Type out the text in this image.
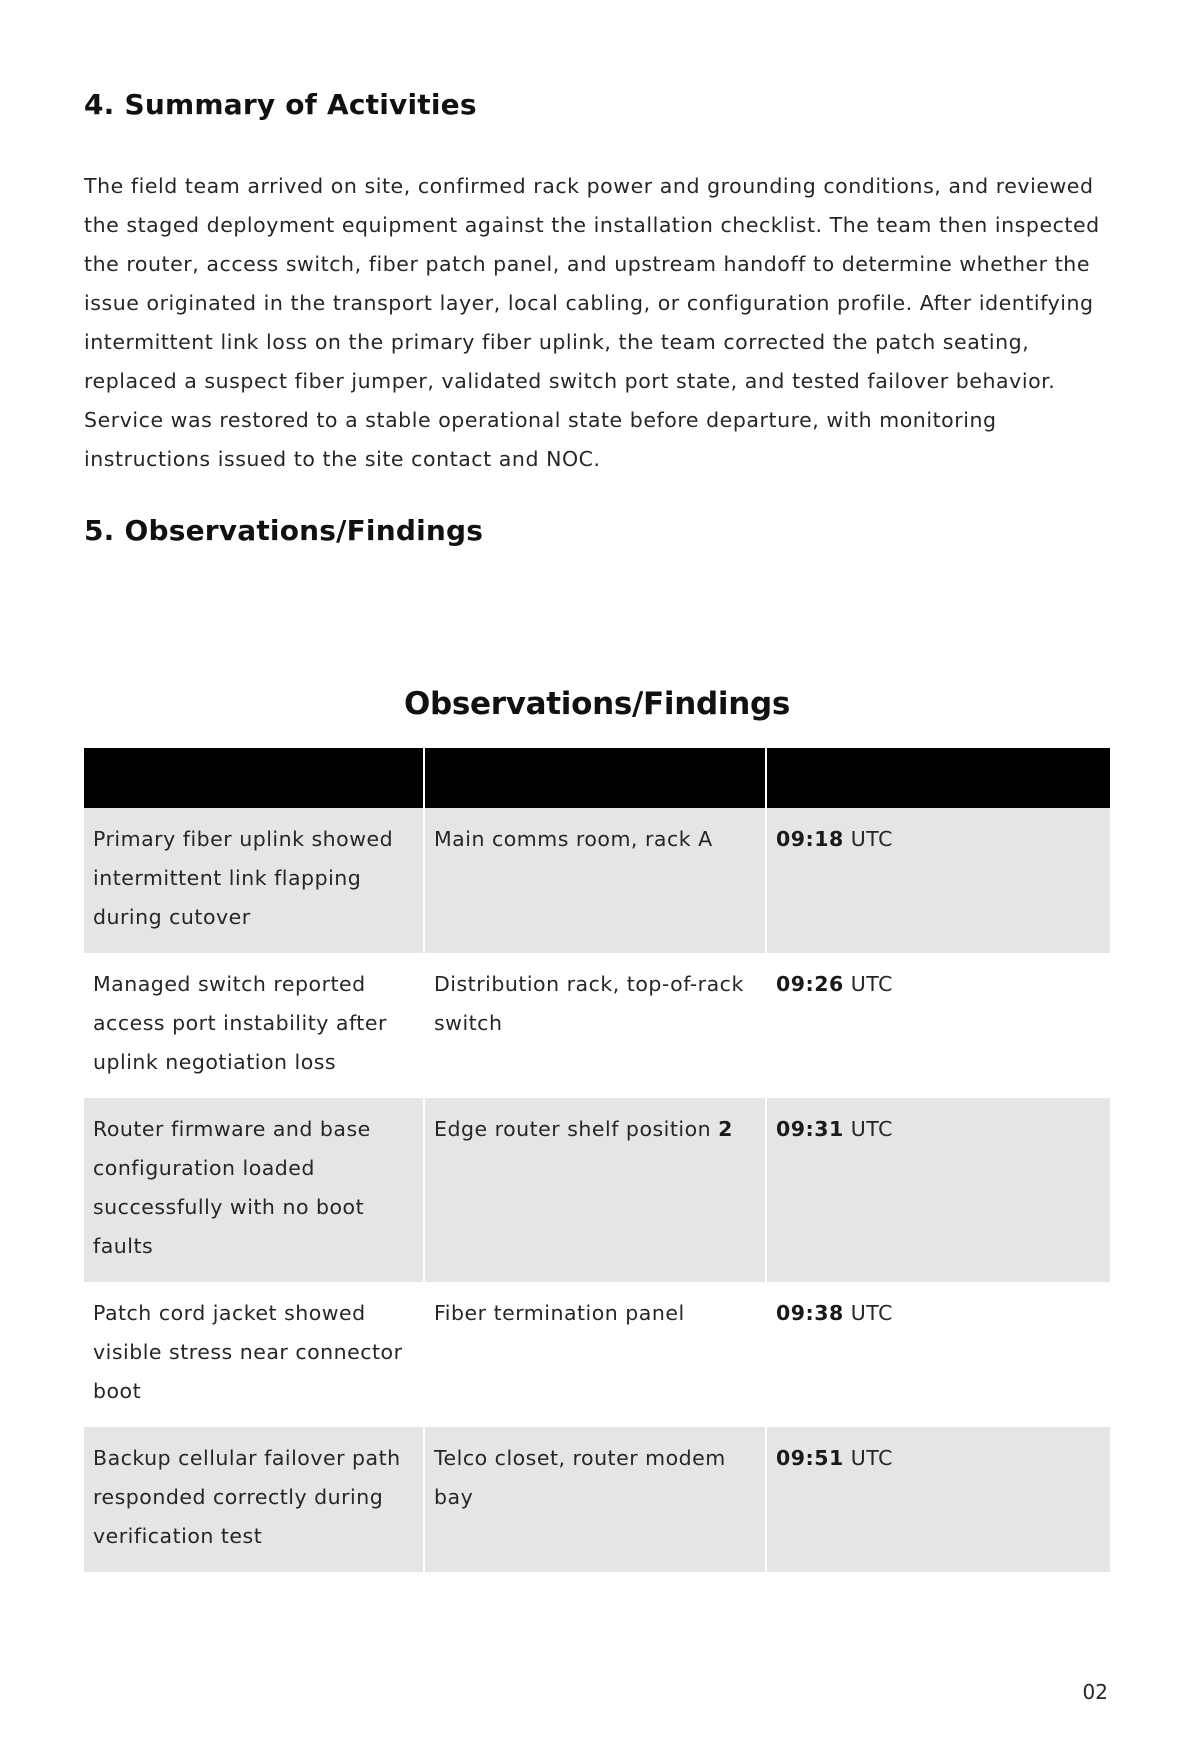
4. Summary of Activities

The field team arrived on site, confirmed rack power and grounding conditions, and reviewed the staged deployment equipment against the installation checklist. The team then inspected the router, access switch, fiber patch panel, and upstream handoff to determine whether the issue originated in the transport layer, local cabling, or configuration profile. After identifying intermittent link loss on the primary fiber uplink, the team corrected the patch seating, replaced a suspect fiber jumper, validated switch port state, and tested failover behavior. Service was restored to a stable operational state before departure, with monitoring instructions issued to the site contact and NOC.

5. Observations/Findings
Observations/Findings

Primary fiber uplink showed intermittent link flapping during cutover	Main comms room, rack A	09:18 UTC
Managed switch reported access port instability after uplink negotiation loss	Distribution rack, top-of-rack switch	09:26 UTC
Router firmware and base configuration loaded successfully with no boot faults	Edge router shelf position 2	09:31 UTC
Patch cord jacket showed visible stress near connector boot	Fiber termination panel	09:38 UTC
Backup cellular failover path responded correctly during verification test	Telco closet, router modem bay	09:51 UTC
02
